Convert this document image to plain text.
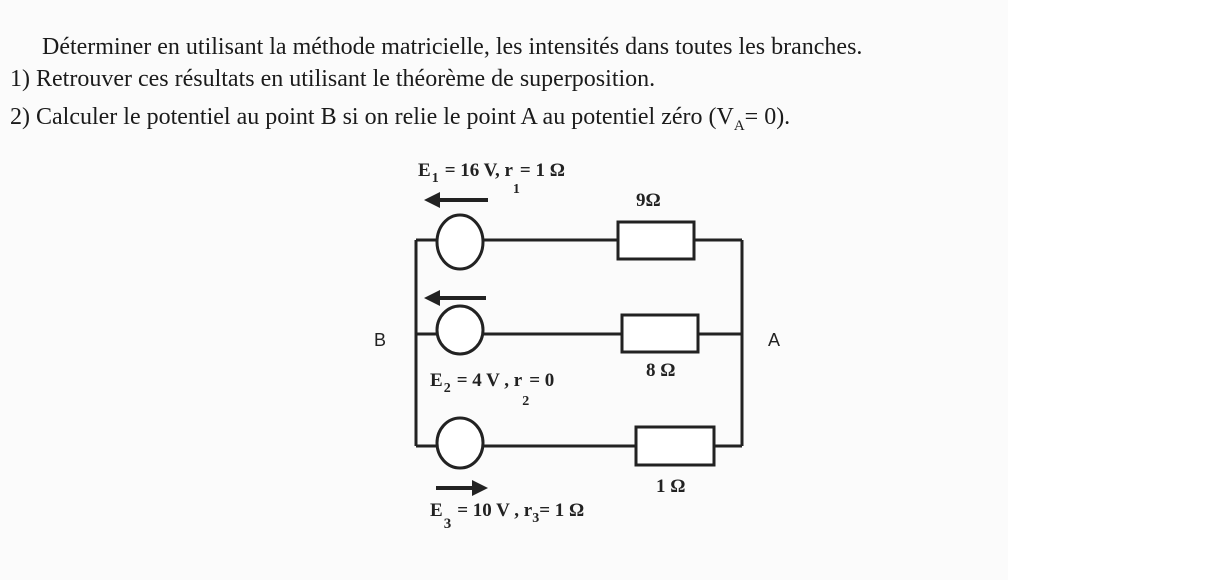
Déterminer en utilisant la méthode matricielle, les intensités dans toutes les branches.
1) Retrouver ces résultats en utilisant le théorème de superposition.
2) Calculer le potentiel au point B si on relie le point A au potentiel zéro $(V_A= 0)$.
B	A
9Ω
8 Ω
1 Ω
$E_1 = 16$ V, $r_1= 1$ Ω
$E_2 = 4$ V , $r_2= 0$
$E_3= 10$ V , $r_3= 1$ Ω
